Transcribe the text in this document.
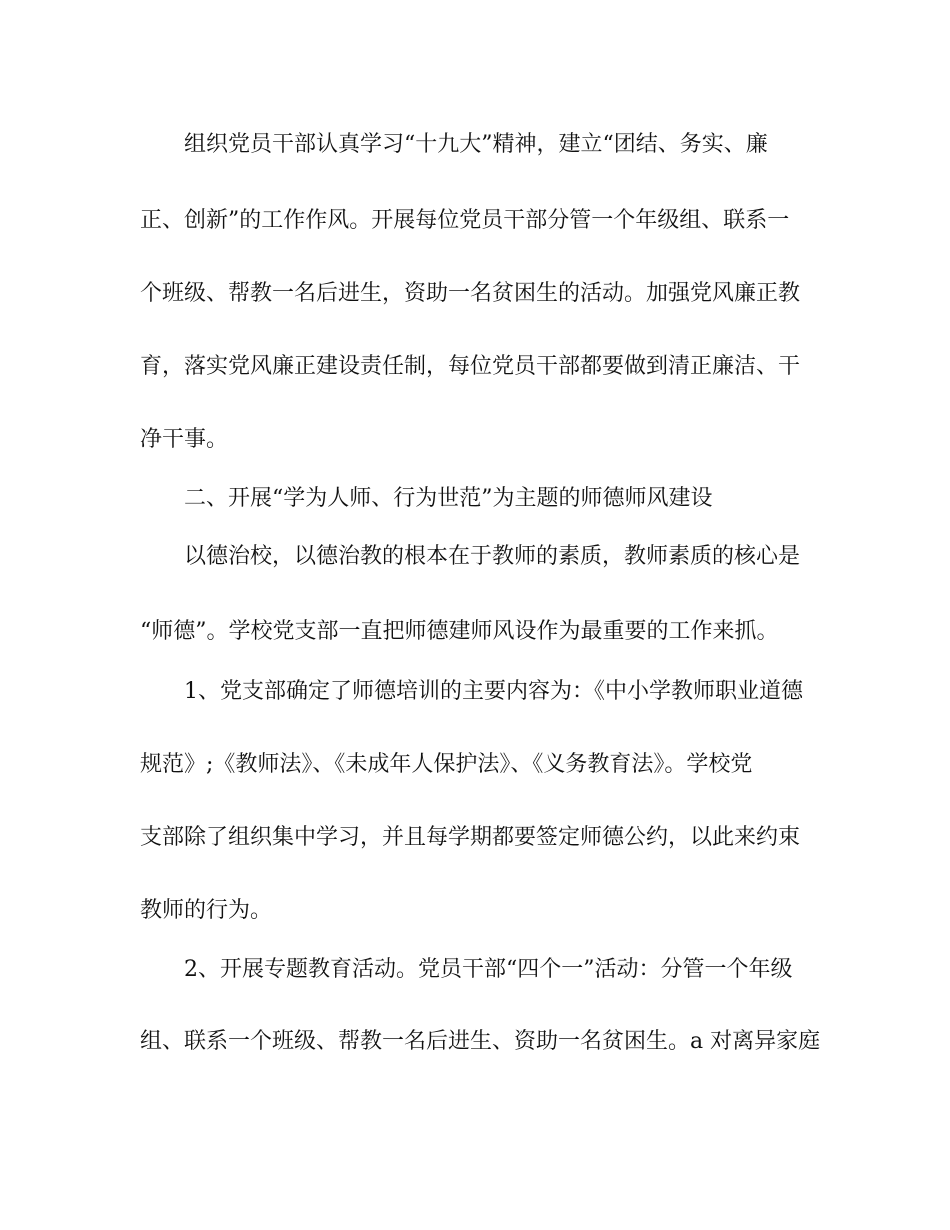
组织党员干部认真学习“十九大”精神，建立“团结、务实、廉

正、创新”的工作作风。开展每位党员干部分管一个年级组、联系一

个班级、帮教一名后进生，资助一名贫困生的活动。加强党风廉正教

育，落实党风廉正建设责任制，每位党员干部都要做到清正廉洁、干

净干事。

二、开展“学为人师、行为世范”为主题的师德师风建设

以德治校，以德治教的根本在于教师的素质，教师素质的核心是

“师德”。学校党支部一直把师德建师风设作为最重要的工作来抓。

1、党支部确定了师德培训的主要内容为：《中小学教师职业道德

规范》;《教师法》、《未成年人保护法》、《义务教育法》。学校党

支部除了组织集中学习，并且每学期都要签定师德公约，以此来约束

教师的行为。

2、开展专题教育活动。党员干部“四个一”活动：分管一个年级

组、联系一个班级、帮教一名后进生、资助一名贫困生。a 对离异家庭
